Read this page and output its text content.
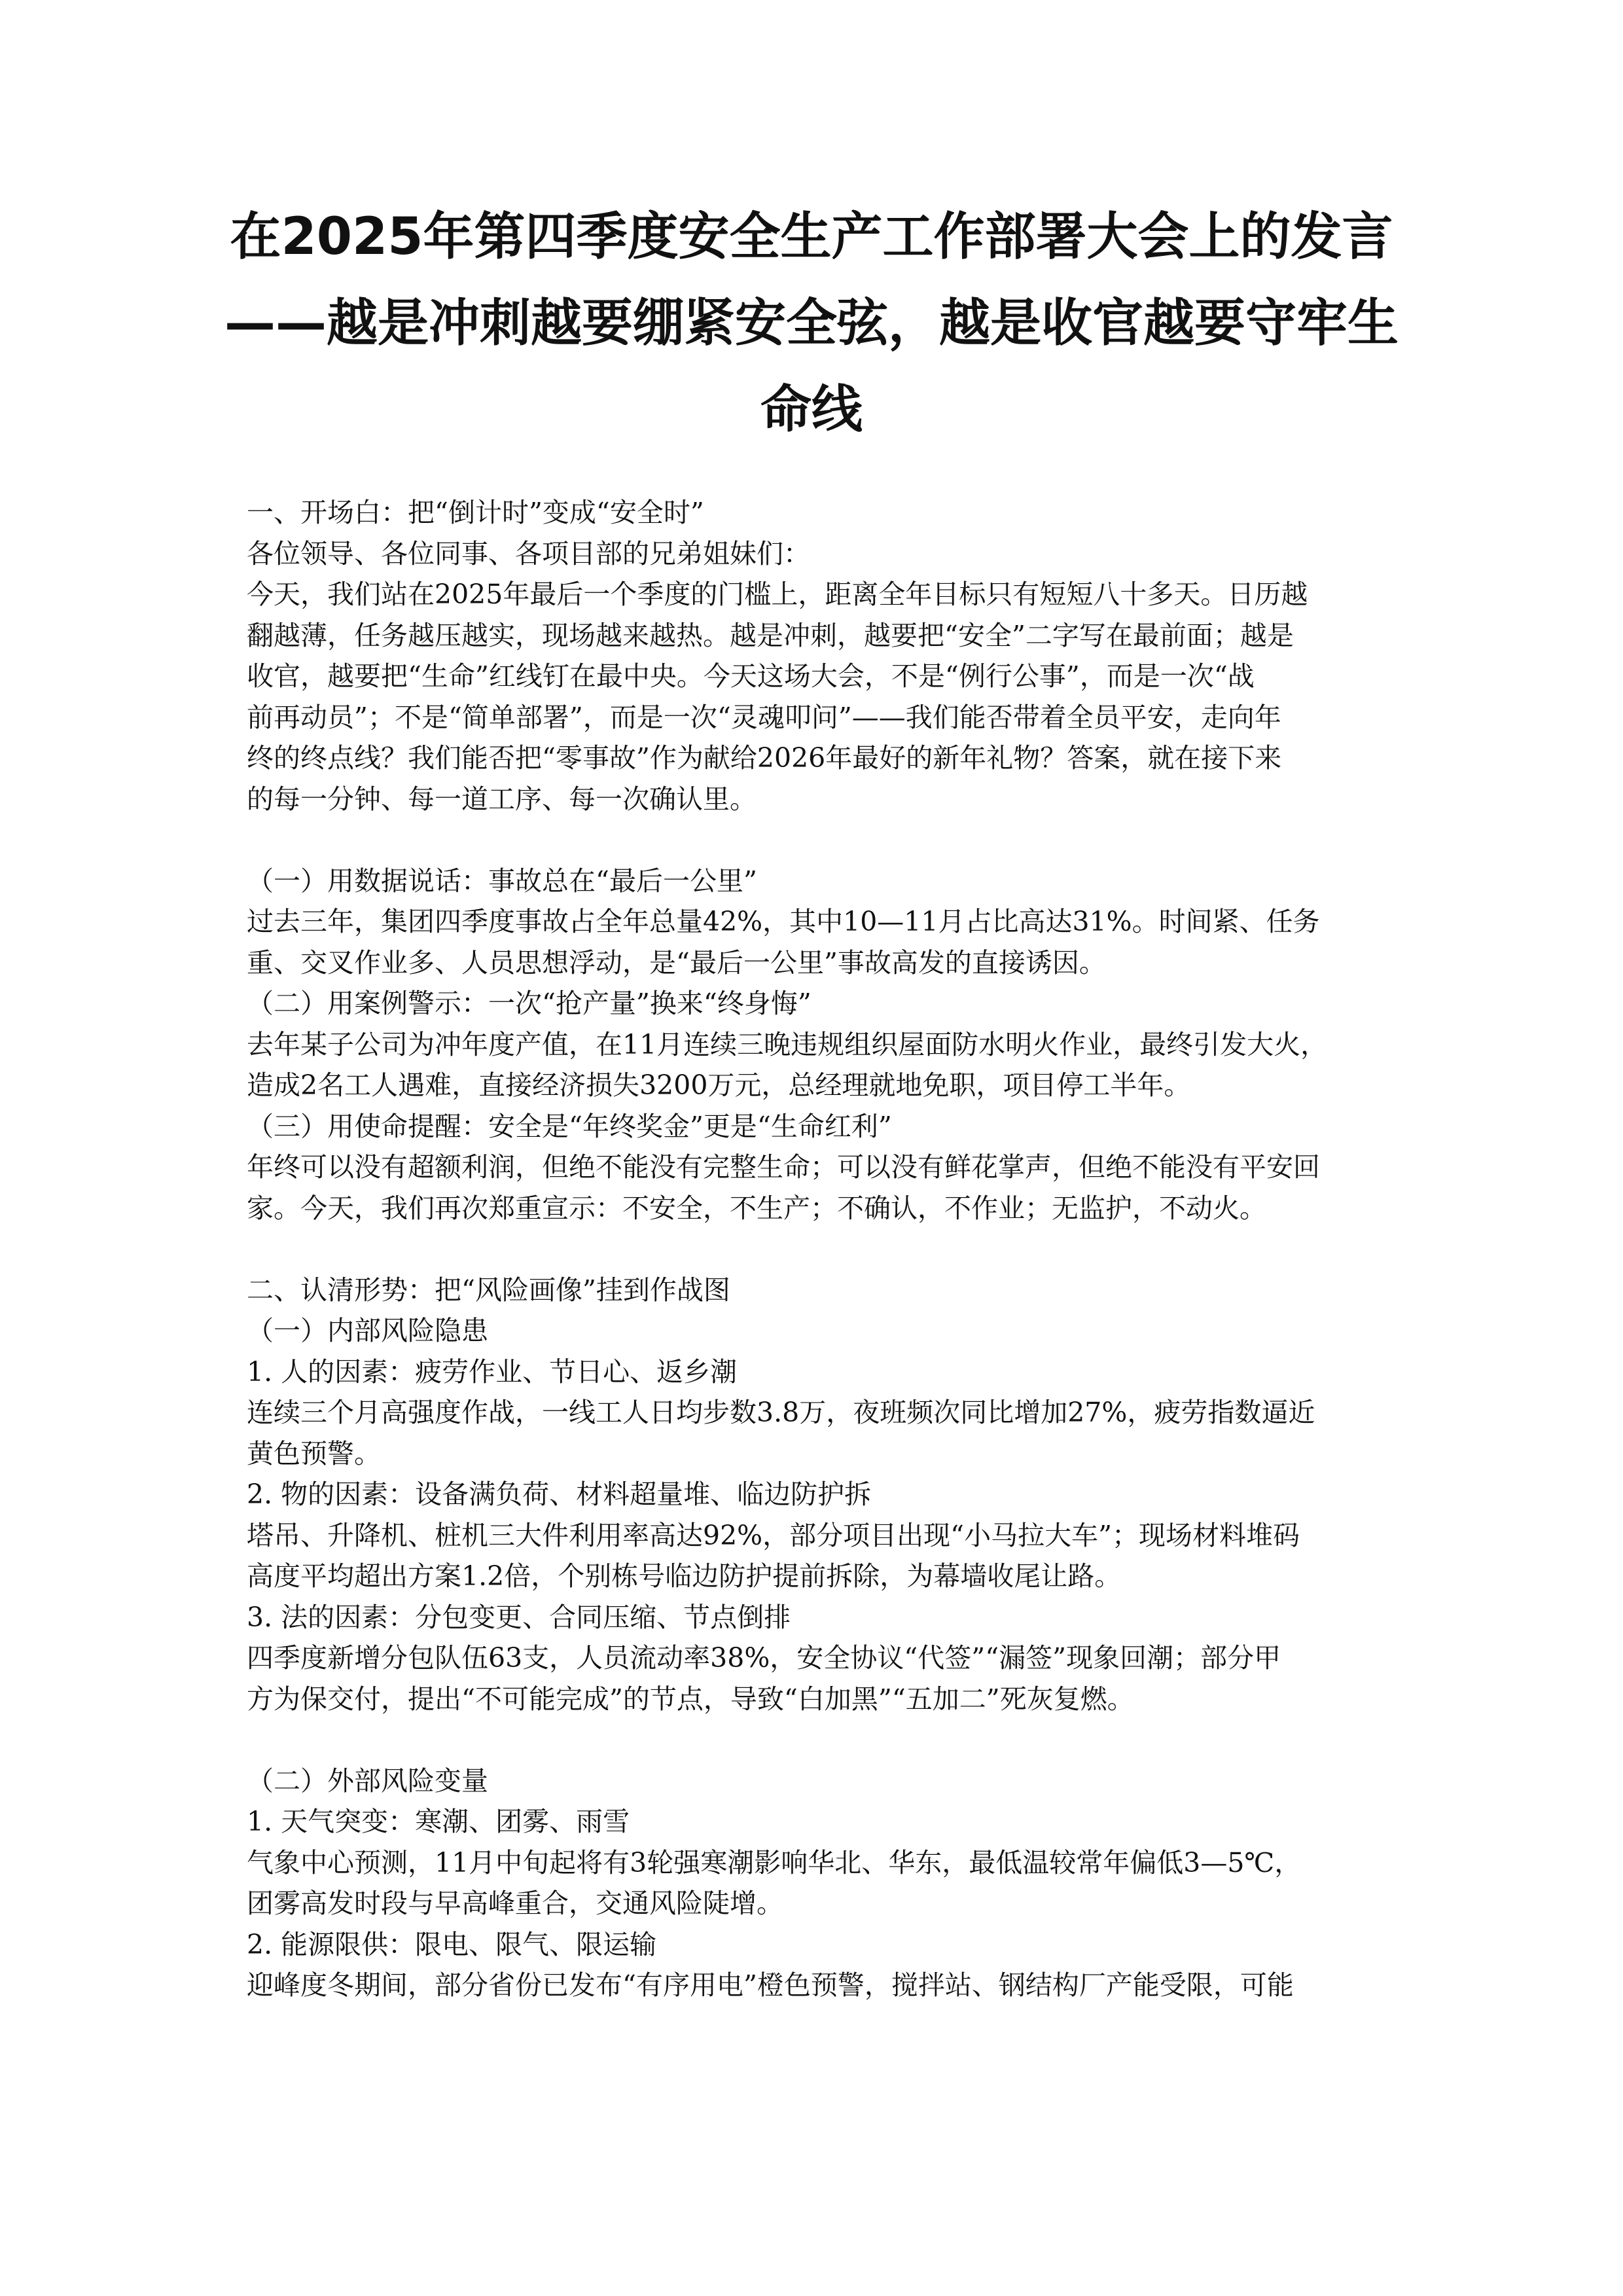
在2025年第四季度安全生产工作部署大会上的发言
——越是冲刺越要绷紧安全弦，越是收官越要守牢生
命线

一、开场白：把“倒计时”变成“安全时”

各位领导、各位同事、各项目部的兄弟姐妹们：

今天，我们站在2025年最后一个季度的门槛上，距离全年目标只有短短八十多天。日历越

翻越薄，任务越压越实，现场越来越热。越是冲刺，越要把“安全”二字写在最前面；越是

收官，越要把“生命”红线钉在最中央。今天这场大会，不是“例行公事”，而是一次“战

前再动员”；不是“简单部署”，而是一次“灵魂叩问”——我们能否带着全员平安，走向年

终的终点线？我们能否把“零事故”作为献给2026年最好的新年礼物？答案，就在接下来

的每一分钟、每一道工序、每一次确认里。

（一）用数据说话：事故总在“最后一公里”

过去三年，集团四季度事故占全年总量42%，其中10—11月占比高达31%。时间紧、任务

重、交叉作业多、人员思想浮动，是“最后一公里”事故高发的直接诱因。

（二）用案例警示：一次“抢产量”换来“终身悔”

去年某子公司为冲年度产值，在11月连续三晚违规组织屋面防水明火作业，最终引发大火，

造成2名工人遇难，直接经济损失3200万元，总经理就地免职，项目停工半年。

（三）用使命提醒：安全是“年终奖金”更是“生命红利”

年终可以没有超额利润，但绝不能没有完整生命；可以没有鲜花掌声，但绝不能没有平安回

家。今天，我们再次郑重宣示：不安全，不生产；不确认，不作业；无监护，不动火。

二、认清形势：把“风险画像”挂到作战图

（一）内部风险隐患

1. 人的因素：疲劳作业、节日心、返乡潮

连续三个月高强度作战，一线工人日均步数3.8万，夜班频次同比增加27%，疲劳指数逼近

黄色预警。

2. 物的因素：设备满负荷、材料超量堆、临边防护拆

塔吊、升降机、桩机三大件利用率高达92%，部分项目出现“小马拉大车”；现场材料堆码

高度平均超出方案1.2倍，个别栋号临边防护提前拆除，为幕墙收尾让路。

3. 法的因素：分包变更、合同压缩、节点倒排

四季度新增分包队伍63支，人员流动率38%，安全协议“代签”“漏签”现象回潮；部分甲

方为保交付，提出“不可能完成”的节点，导致“白加黑”“五加二”死灰复燃。

（二）外部风险变量

1. 天气突变：寒潮、团雾、雨雪

气象中心预测，11月中旬起将有3轮强寒潮影响华北、华东，最低温较常年偏低3—5℃，

团雾高发时段与早高峰重合，交通风险陡增。

2. 能源限供：限电、限气、限运输

迎峰度冬期间，部分省份已发布“有序用电”橙色预警，搅拌站、钢结构厂产能受限，可能
